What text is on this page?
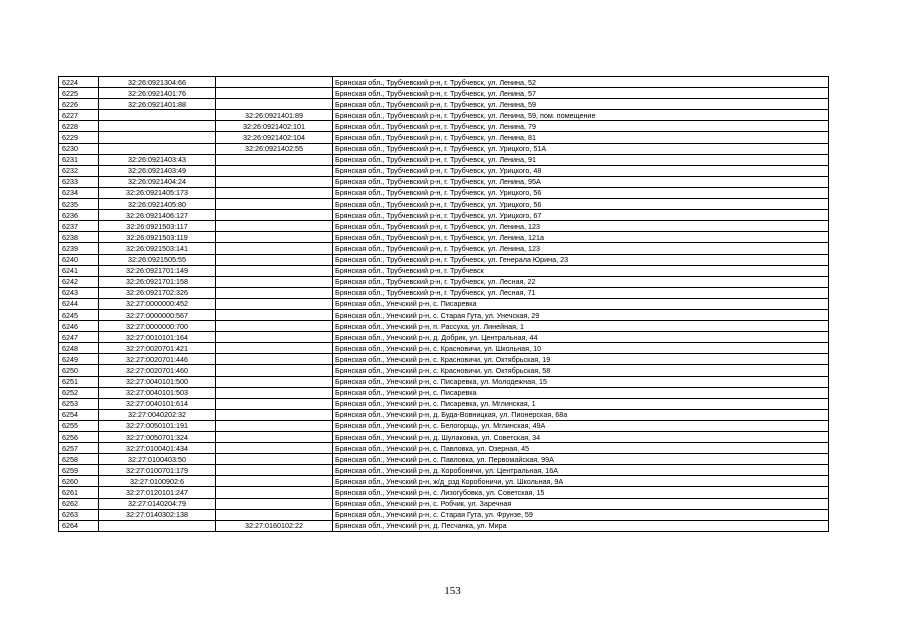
6224	32:26:0921304:66		Брянская обл., Трубчевский р-н, г. Трубчевск, ул. Ленина, 52
6225	32:26:0921401:76		Брянская обл., Трубчевский р-н, г. Трубчевск, ул. Ленина, 57
6226	32:26:0921401:88		Брянская обл., Трубчевский р-н, г. Трубчевск, ул. Ленина, 59
6227		32:26:0921401:89	Брянская обл., Трубчевский р-н, г. Трубчевск, ул. Ленина, 59, пом. помещение
6228		32:26:0921402:101	Брянская обл., Трубчевский р-н, г. Трубчевск, ул. Ленина, 79
6229		32:26:0921402:104	Брянская обл., Трубчевский р-н, г. Трубчевск, ул. Ленина, 81
6230		32:26:0921402:55	Брянская обл., Трубчевский р-н, г. Трубчевск, ул. Урицкого, 51А
6231	32:26:0921403:43		Брянская обл., Трубчевский р-н, г. Трубчевск, ул. Ленина, 91
6232	32:26:0921403:49		Брянская обл., Трубчевский р-н, г. Трубчевск, ул. Урицкого, 48
6233	32:26:0921404:24		Брянская обл., Трубчевский р-н, г. Трубчевск, ул. Ленина, 95А
6234	32:26:0921405:173		Брянская обл., Трубчевский р-н, г. Трубчевск, ул. Урицкого, 56
6235	32:26:0921405:80		Брянская обл., Трубчевский р-н, г. Трубчевск, ул. Урицкого, 56
6236	32:26:0921406:127		Брянская обл., Трубчевский р-н, г. Трубчевск, ул. Урицкого, 67
6237	32:26:0921503:117		Брянская обл., Трубчевский р-н, г. Трубчевск, ул. Ленина, 123
6238	32:26:0921503:119		Брянская обл., Трубчевский р-н, г. Трубчевск, ул. Ленина, 121а
6239	32:26:0921503:141		Брянская обл., Трубчевский р-н, г. Трубчевск, ул. Ленина, 123
6240	32:26:0921505:55		Брянская обл., Трубчевский р-н, г. Трубчевск, ул. Генерала Юрина, 23
6241	32:26:0921701:149		Брянская обл., Трубчевский р-н, г. Трубчевск
6242	32:26:0921701:158		Брянская обл., Трубчевский р-н, г. Трубчевск, ул. Лесная, 22
6243	32:26:0921702:326		Брянская обл., Трубчевский р-н, г. Трубчевск, ул. Лесная, 71
6244	32:27:0000000:452		Брянская обл., Унечский р-н, с. Писаревка
6245	32:27:0000000:567		Брянская обл., Унечский р-н, с. Старая Гута, ул. Унечская, 29
6246	32:27:0000000:700		Брянская обл., Унечский р-н, п. Рассуха, ул. Линейная, 1
6247	32:27:0010101:164		Брянская обл., Унечский р-н, д. Добрик, ул. Центральная, 44
6248	32:27:0020701:421		Брянская обл., Унечский р-н, с. Красновичи, ул. Школьная, 10
6249	32:27:0020701:446		Брянская обл., Унечский р-н, с. Красновичи, ул. Октябрьская, 19
6250	32:27:0020701:460		Брянская обл., Унечский р-н, с. Красновичи, ул. Октябрьская, 58
6251	32:27:0040101:500		Брянская обл., Унечский р-н, с. Писаревка, ул. Молодежная, 15
6252	32:27:0040101:503		Брянская обл., Унечский р-н, с. Писаревка
6253	32:27:0040101:614		Брянская обл., Унечский р-н, с. Писаревка, ул. Мглинская, 1
6254	32:27:0040202:32		Брянская обл., Унечский р-н, д. Буда-Вовницкая, ул. Пионерская, 68а
6255	32:27:0050101:191		Брянская обл., Унечский р-н, с. Белогорщь, ул. Мглинская, 49А
6256	32:27:0050701:324		Брянская обл., Унечский р-н, д. Шулаковка, ул. Советская, 34
6257	32:27:0100401:434		Брянская обл., Унечский р-н, с. Павловка, ул. Озерная, 45
6258	32:27:0100403:50		Брянская обл., Унечский р-н, с. Павловка, ул. Первомайская, 99А
6259	32:27:0100701:179		Брянская обл., Унечский р-н, д. Коробоничи, ул. Центральная, 16А
6260	32:27:0100902:6		Брянская обл., Унечский р-н, ж/д_рзд Коробоничи, ул. Школьная, 9А
6261	32:27:0120101:247		Брянская обл., Унечский р-н, с. Лизогубовка, ул. Советская, 15
6262	32:27:0140204:79		Брянская обл., Унечский р-н, с. Робчик, ул. Заречная
6263	32:27:0140302:138		Брянская обл., Унечский р-н, с. Старая Гута, ул. Фрунзе, 59
6264		32:27:0160102:22	Брянская обл., Унечский р-н, д. Песчанка, ул. Мира
153
